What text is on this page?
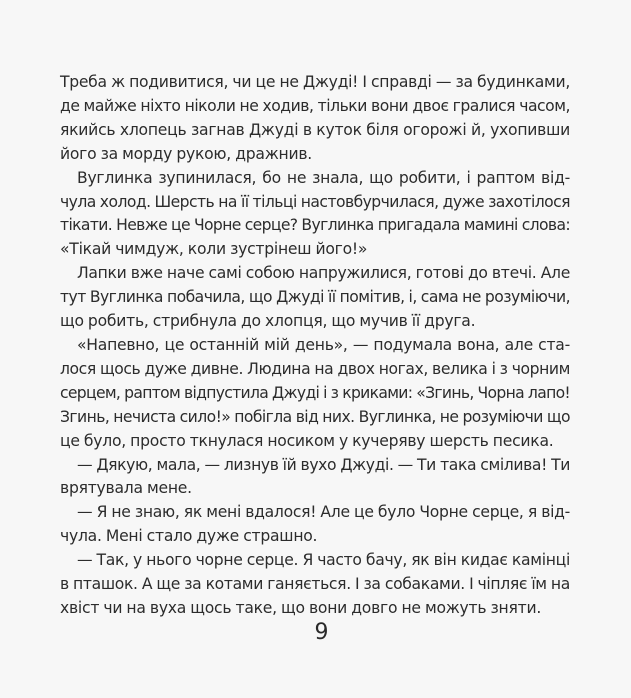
Треба ж подивитися, чи це не Джуді! І справді — за будинками,
де майже ніхто ніколи не ходив, тільки вони двоє гралися часом,
якийсь хлопець загнав Джуді в куток біля огорожі й, ухопивши
його за морду рукою, дражнив.
Вуглинка зупинилася, бо не знала, що робити, і раптом від-
чула холод. Шерсть на її тільці настовбурчилася, дуже захотілося
тікати. Невже це Чорне серце? Вуглинка пригадала мамині слова:
«Тікай чимдуж, коли зустрінеш його!»
Лапки вже наче самі собою напружилися, готові до втечі. Але
тут Вуглинка побачила, що Джуді її помітив, і, сама не розуміючи,
що робить, стрибнула до хлопця, що мучив її друга.
«Напевно, це останній мій день», — подумала вона, але ста-
лося щось дуже дивне. Людина на двох ногах, велика і з чорним
серцем, раптом відпустила Джуді і з криками: «Згинь, Чорна лапо!
Згинь, нечиста сило!» побігла від них. Вуглинка, не розуміючи що
це було, просто ткнулася носиком у кучеряву шерсть песика.
— Дякую, мала, — лизнув їй вухо Джуді. — Ти така смілива! Ти
врятувала мене.
— Я не знаю, як мені вдалося! Але це було Чорне серце, я від-
чула. Мені стало дуже страшно.
— Так, у нього чорне серце. Я часто бачу, як він кидає камінці
в пташок. А ще за котами ганяється. І за собаками. І чіпляє їм на
хвіст чи на вуха щось таке, що вони довго не можуть зняти.
9
